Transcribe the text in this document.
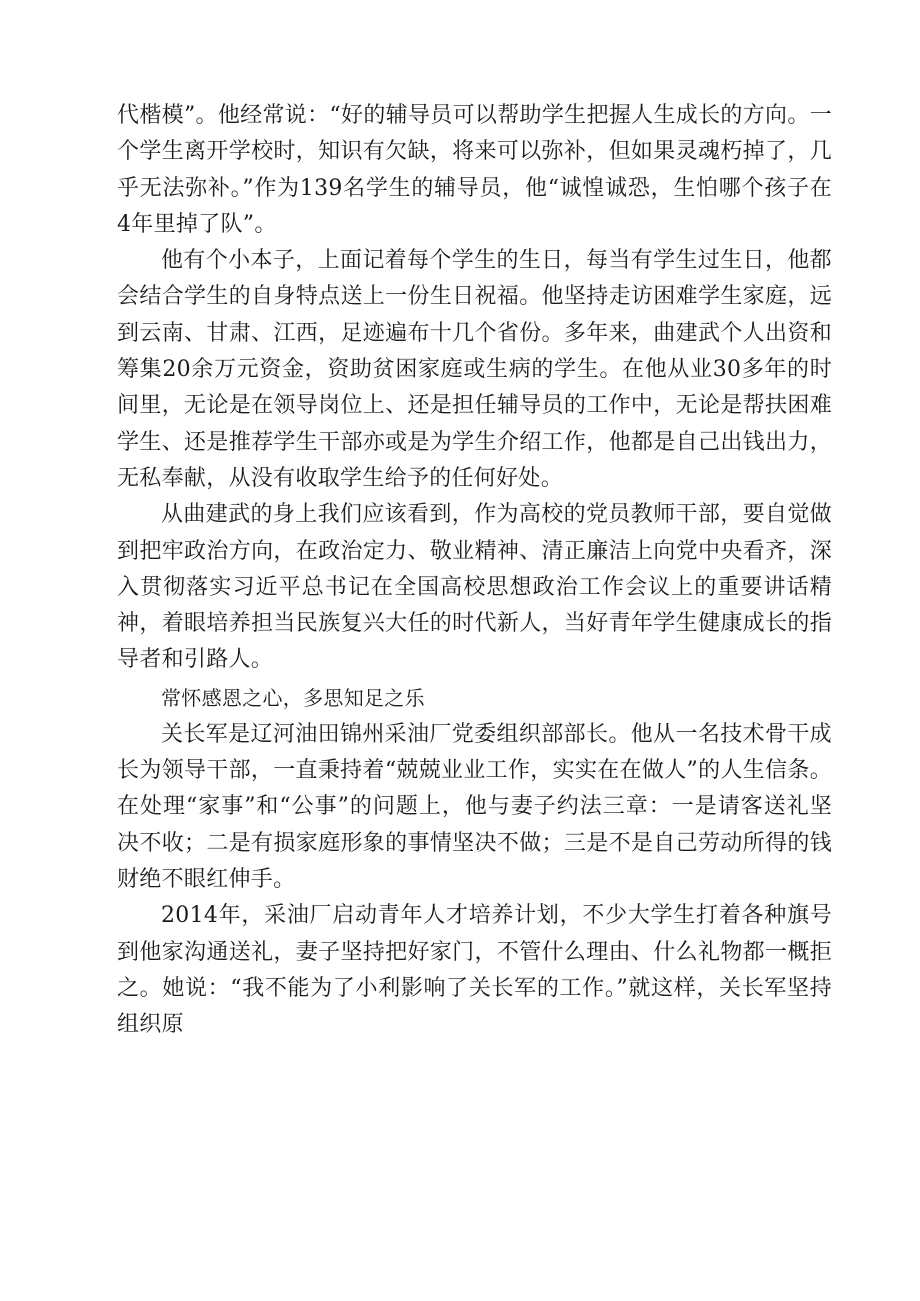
代楷模”。他经常说：“好的辅导员可以帮助学生把握人生成长的方向。一个学生离开学校时，知识有欠缺，将来可以弥补，但如果灵魂朽掉了，几乎无法弥补。”作为139名学生的辅导员，他“诚惶诚恐，生怕哪个孩子在4年里掉了队”。

他有个小本子，上面记着每个学生的生日，每当有学生过生日，他都会结合学生的自身特点送上一份生日祝福。他坚持走访困难学生家庭，远到云南、甘肃、江西，足迹遍布十几个省份。多年来，曲建武个人出资和筹集20余万元资金，资助贫困家庭或生病的学生。在他从业30多年的时间里，无论是在领导岗位上、还是担任辅导员的工作中，无论是帮扶困难学生、还是推荐学生干部亦或是为学生介绍工作，他都是自己出钱出力，无私奉献，从没有收取学生给予的任何好处。

从曲建武的身上我们应该看到，作为高校的党员教师干部，要自觉做到把牢政治方向，在政治定力、敬业精神、清正廉洁上向党中央看齐，深入贯彻落实习近平总书记在全国高校思想政治工作会议上的重要讲话精神，着眼培养担当民族复兴大任的时代新人，当好青年学生健康成长的指导者和引路人。

常怀感恩之心，多思知足之乐

关长军是辽河油田锦州采油厂党委组织部部长。他从一名技术骨干成长为领导干部，一直秉持着“兢兢业业工作，实实在在做人”的人生信条。在处理“家事”和“公事”的问题上，他与妻子约法三章：一是请客送礼坚决不收；二是有损家庭形象的事情坚决不做；三是不是自己劳动所得的钱财绝不眼红伸手。

2014年，采油厂启动青年人才培养计划，不少大学生打着各种旗号到他家沟通送礼，妻子坚持把好家门，不管什么理由、什么礼物都一概拒之。她说：“我不能为了小利影响了关长军的工作。”就这样，关长军坚持组织原
